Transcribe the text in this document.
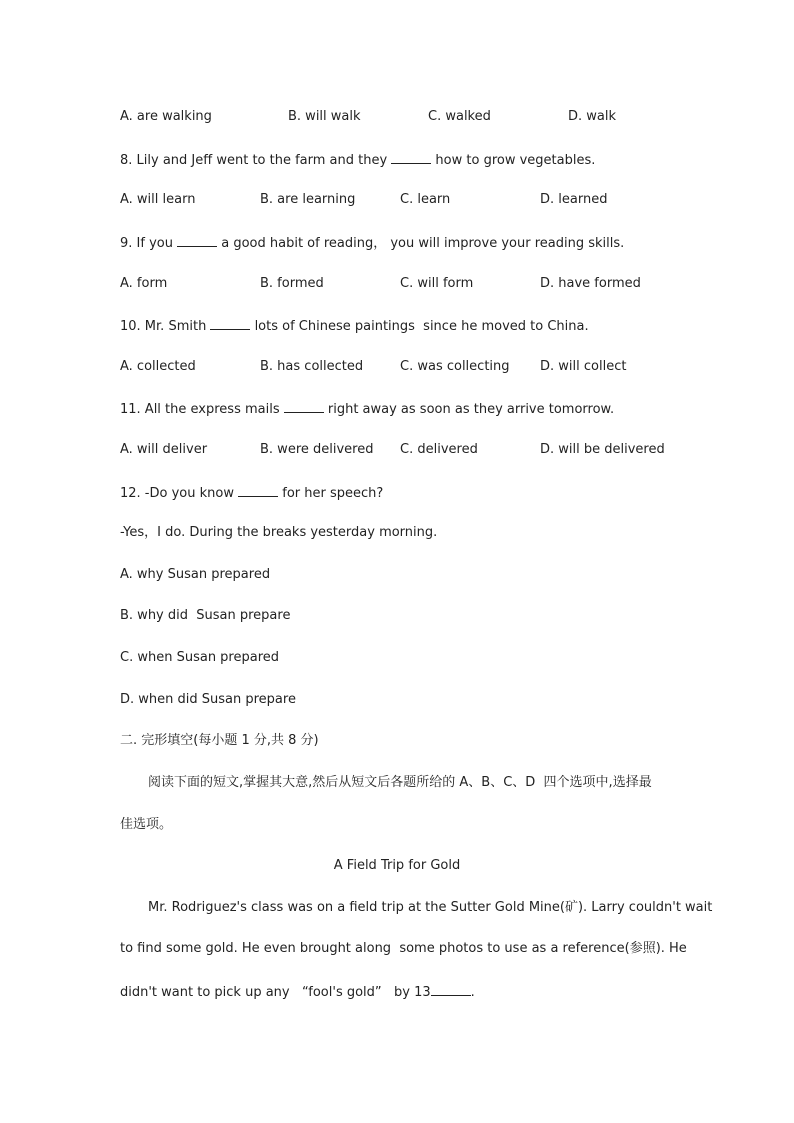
A. are walking	B. will walk	C. walked	D. walk
8. Lily and Jeff went to the farm and they	how to grow vegetables.
A. will learn	B. are learning	C. learn	D. learned
9. If you	a good habit of reading， you will improve your reading skills.
A. form	B. formed	C. will form	D. have formed
10. Mr. Smith	lots of Chinese paintings  since he moved to China.
A. collected	B. has collected	C. was collecting D. will collect
11. All the express mails	right away as soon as they arrive tomorrow.
A. will deliver	B. were delivered C. delivered	D. will be delivered
12. -Do you know	for her speech?
-Yes，I do. During the breaks yesterday morning.
A. why Susan prepared
B. why did  Susan prepare
C. when Susan prepared
D. when did Susan prepare
二. 完形填空(每小题 1 分,共 8 分)
阅读下面的短文,掌握其大意,然后从短文后各题所给的 A、B、C、D  四个选项中,选择最
佳选项。
A Field Trip for Gold
Mr. Rodriguez's class was on a field trip at the Sutter Gold Mine(矿). Larry couldn't wait
to find some gold. He even brought along  some photos to use as a reference(参照). He
didn't want to pick up any   “fool's gold”   by 13	.
